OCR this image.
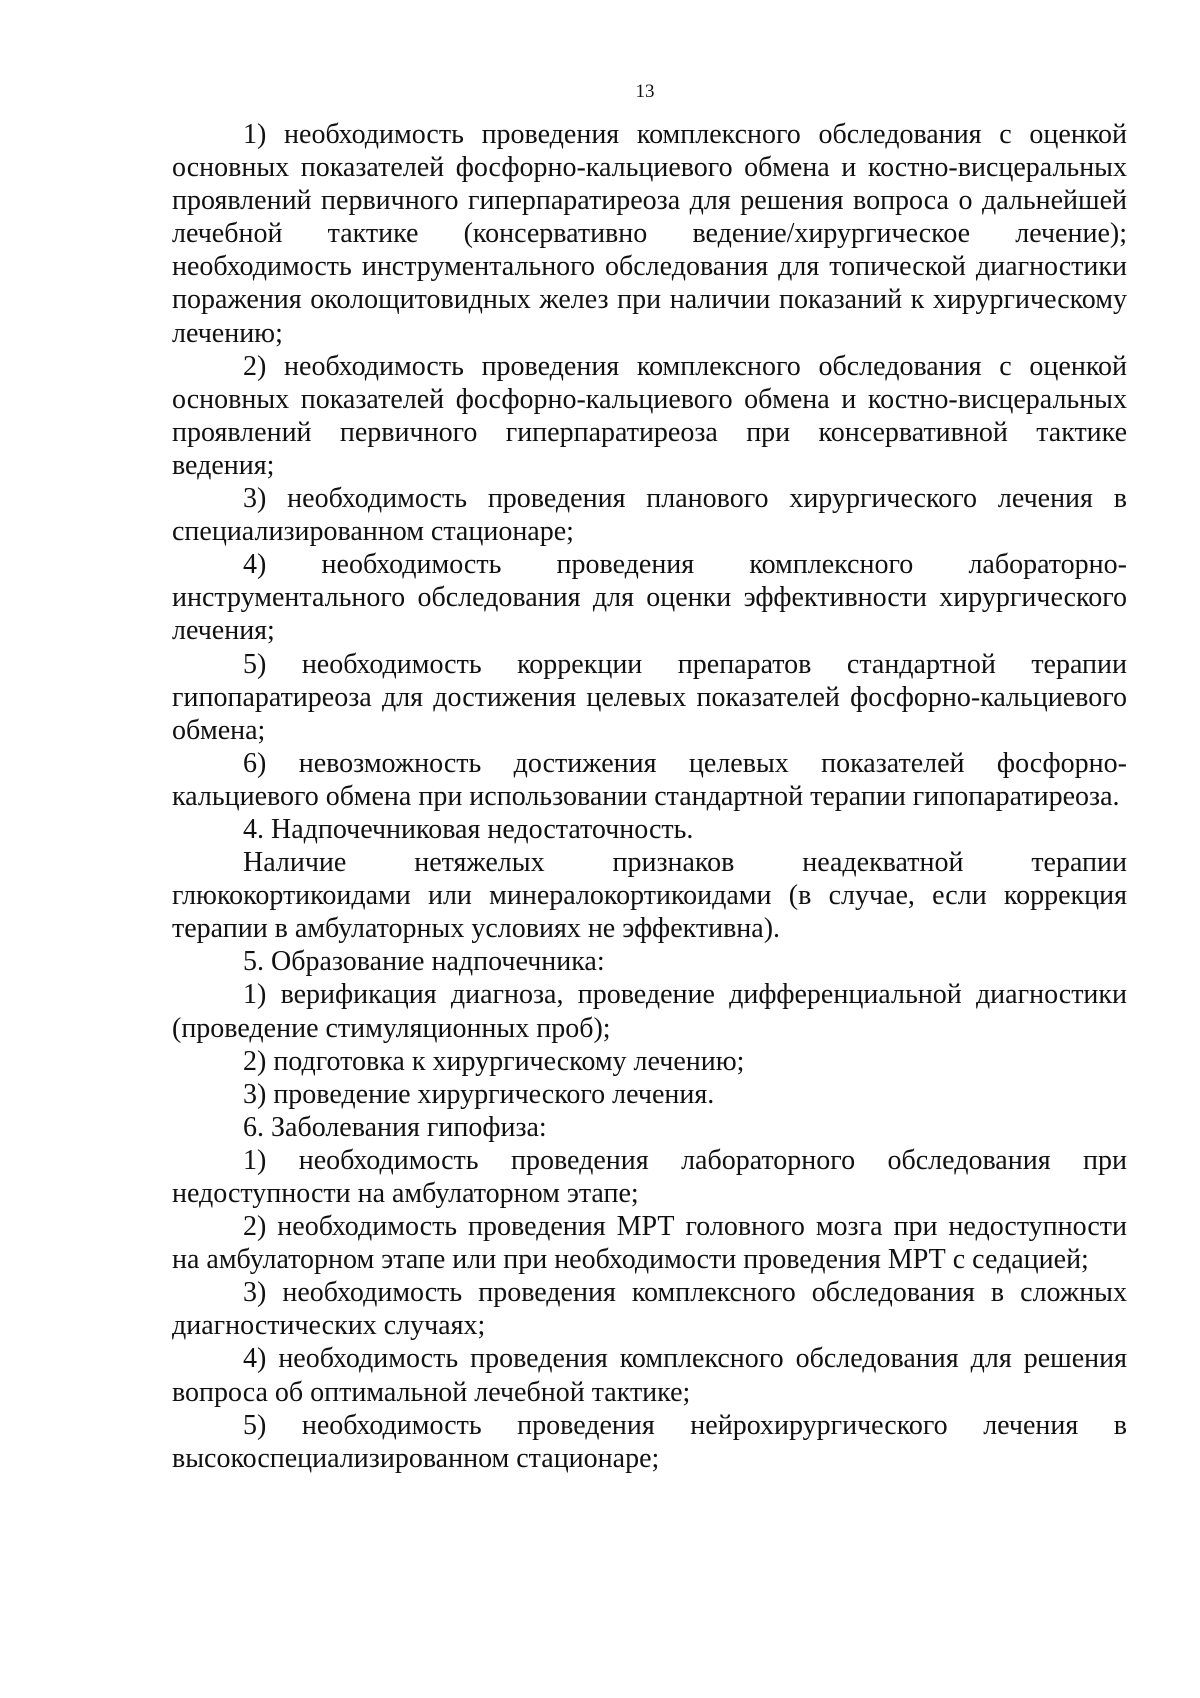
13

1) необходимость проведения комплексного обследования с оценкой основных показателей фосфорно-кальциевого обмена и костно-висцеральных проявлений первичного гиперпаратиреоза для решения вопроса о дальнейшей лечебной тактике (консервативно ведение/хирургическое лечение); необходимость инструментального обследования для топической диагностики поражения околощитовидных желез при наличии показаний к хирургическому лечению;

2) необходимость проведения комплексного обследования с оценкой основных показателей фосфорно-кальциевого обмена и костно-висцеральных проявлений первичного гиперпаратиреоза при консервативной тактике ведения;

3) необходимость проведения планового хирургического лечения в специализированном стационаре;

4) необходимость проведения комплексного лабораторно-инструментального обследования для оценки эффективности хирургического лечения;

5) необходимость коррекции препаратов стандартной терапии гипопаратиреоза для достижения целевых показателей фосфорно-кальциевого обмена;

6) невозможность достижения целевых показателей фосфорно-кальциевого обмена при использовании стандартной терапии гипопаратиреоза.

4. Надпочечниковая недостаточность.

Наличие нетяжелых признаков неадекватной терапии глюкокортикоидами или минералокортикоидами (в случае, если коррекция терапии в амбулаторных условиях не эффективна).

5. Образование надпочечника:

1) верификация диагноза, проведение дифференциальной диагностики (проведение стимуляционных проб);

2) подготовка к хирургическому лечению;

3) проведение хирургического лечения.

6. Заболевания гипофиза:

1) необходимость проведения лабораторного обследования при недоступности на амбулаторном этапе;

2) необходимость проведения МРТ головного мозга при недоступности на амбулаторном этапе или при необходимости проведения МРТ с седацией;

3) необходимость проведения комплексного обследования в сложных диагностических случаях;

4) необходимость проведения комплексного обследования для решения вопроса об оптимальной лечебной тактике;

5) необходимость проведения нейрохирургического лечения в высокоспециализированном стационаре;
